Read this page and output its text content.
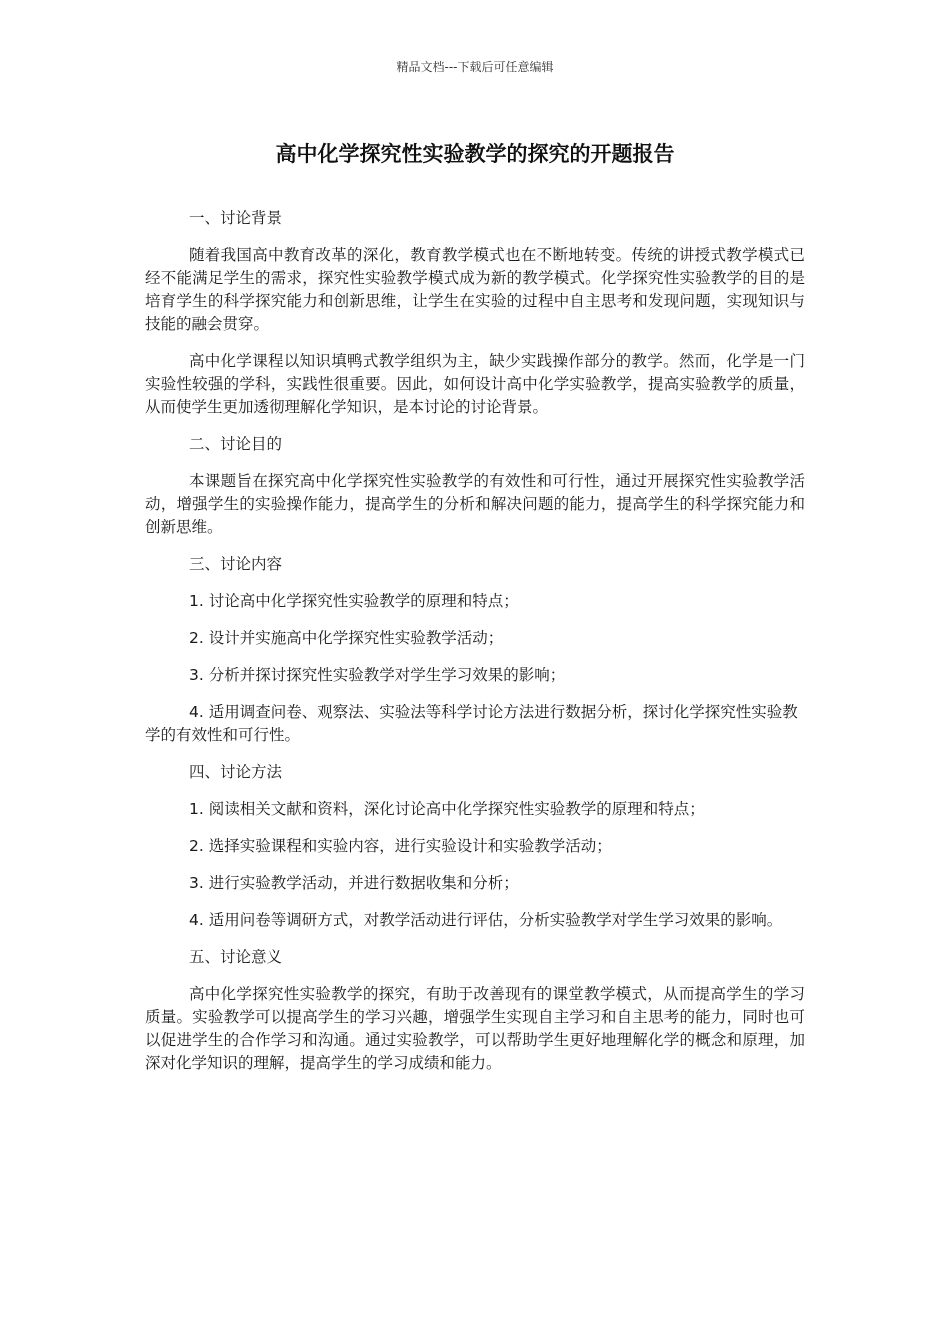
精品文档---下载后可任意编辑
高中化学探究性实验教学的探究的开题报告

一、讨论背景

随着我国高中教育改革的深化，教育教学模式也在不断地转变。传统的讲授式教学模式已经不能满足学生的需求，探究性实验教学模式成为新的教学模式。化学探究性实验教学的目的是培育学生的科学探究能力和创新思维，让学生在实验的过程中自主思考和发现问题，实现知识与技能的融会贯穿。

高中化学课程以知识填鸭式教学组织为主，缺少实践操作部分的教学。然而，化学是一门实验性较强的学科，实践性很重要。因此，如何设计高中化学实验教学，提高实验教学的质量，从而使学生更加透彻理解化学知识，是本讨论的讨论背景。

二、讨论目的

本课题旨在探究高中化学探究性实验教学的有效性和可行性，通过开展探究性实验教学活动，增强学生的实验操作能力，提高学生的分析和解决问题的能力，提高学生的科学探究能力和创新思维。

三、讨论内容

1. 讨论高中化学探究性实验教学的原理和特点；

2. 设计并实施高中化学探究性实验教学活动；

3. 分析并探讨探究性实验教学对学生学习效果的影响；

4. 适用调查问卷、观察法、实验法等科学讨论方法进行数据分析，探讨化学探究性实验教学的有效性和可行性。

四、讨论方法

1. 阅读相关文献和资料，深化讨论高中化学探究性实验教学的原理和特点；

2. 选择实验课程和实验内容，进行实验设计和实验教学活动；

3. 进行实验教学活动，并进行数据收集和分析；

4. 适用问卷等调研方式，对教学活动进行评估，分析实验教学对学生学习效果的影响。

五、讨论意义

高中化学探究性实验教学的探究，有助于改善现有的课堂教学模式，从而提高学生的学习质量。实验教学可以提高学生的学习兴趣，增强学生实现自主学习和自主思考的能力，同时也可以促进学生的合作学习和沟通。通过实验教学，可以帮助学生更好地理解化学的概念和原理，加深对化学知识的理解，提高学生的学习成绩和能力。
